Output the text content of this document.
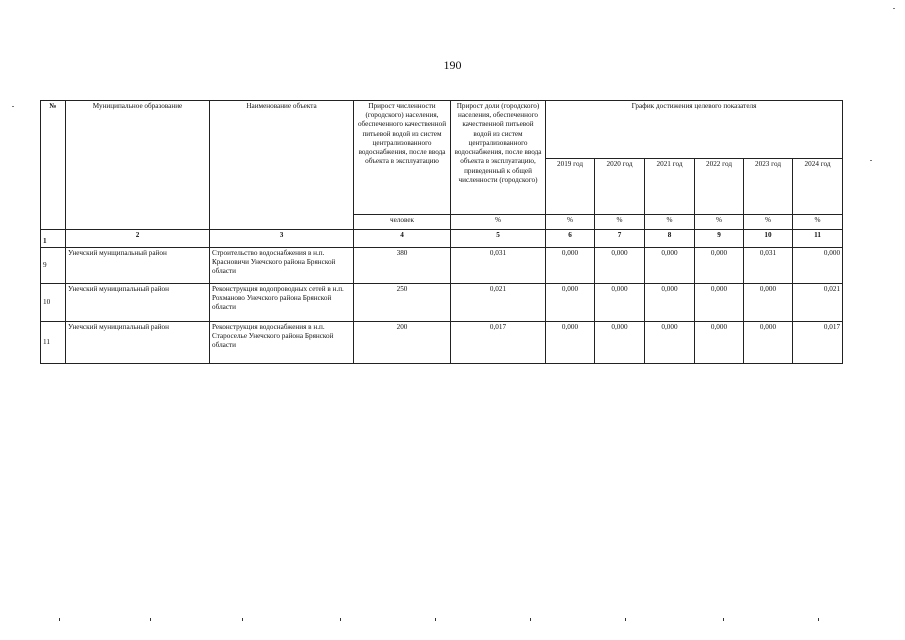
190
№	Муниципальное образование	Наименование объекта	Прирост численности (городского) населения, обеспеченного качественной питьевой водой из систем централизованного водоснабжения, после ввода объекта в эксплуатацию	Прирост доли (городского) населения, обеспеченного качественной питьевой водой из систем централизованного водоснабжения, после ввода объекта в эксплуатацию, приведенный к общей численности (городского)	График достижения целевого показателя					
					2019 год	2020 год	2021 год	2022 год	2023 год	2024 год
			человек	%	%	%	%	%	%	%
1	2	3	4	5	6	7	8	9	10	11
9	Унечский мунщипальный район	Строительство водоснабжения в н.п. Красновичи Унечского района Брянской области	380	0,031	0,000	0,000	0,000	0,000	0,031	0,000
10	Унечский муниципальный район	Реконструкция водопроводных сетей в н.п. Рохманово Унечского района Брянской области	250	0,021	0,000	0,000	0,000	0,000	0,000	0,021
11	Унечский муниципальный район	Реконструкция водоснабжения в н.п. Староселье Унечского района Брянской области	200	0,017	0,000	0,000	0,000	0,000	0,000	0,017
